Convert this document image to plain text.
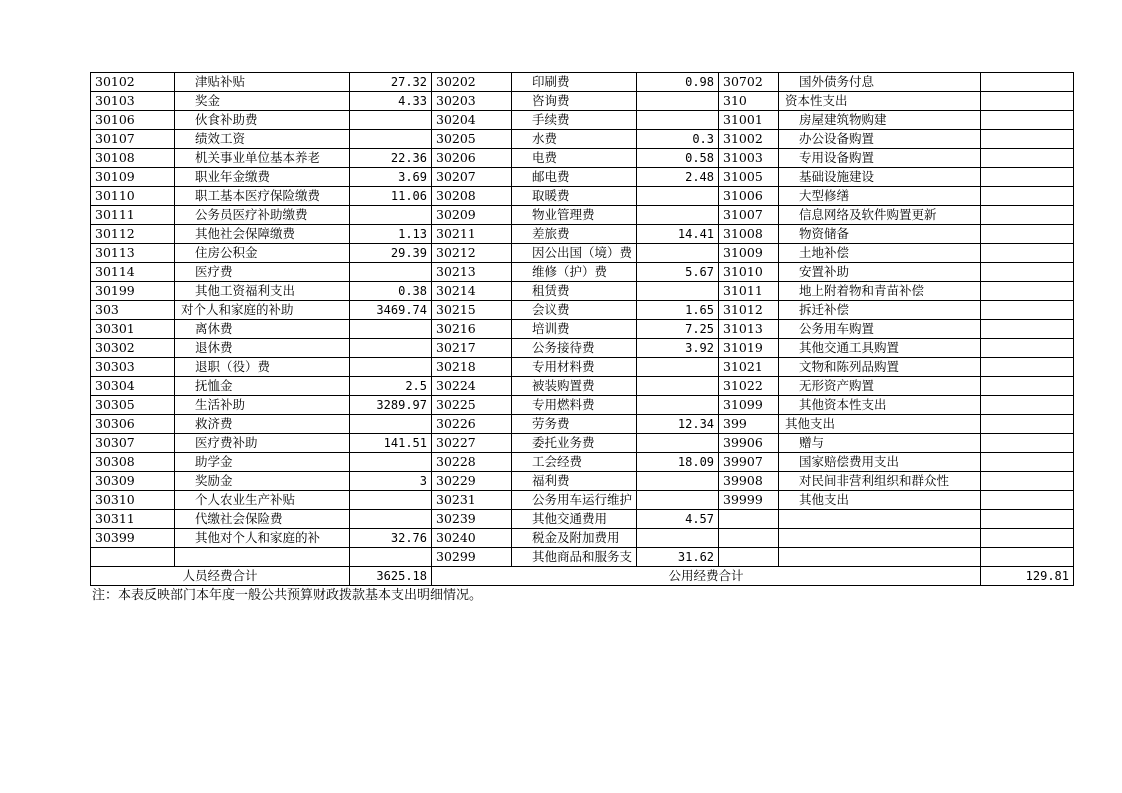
30102	津贴补贴	27.32	30202	印刷费	0.98	30702	国外债务付息	
30103	奖金	4.33	30203	咨询费		310	资本性支出	
30106	伙食补助费		30204	手续费		31001	房屋建筑物购建	
30107	绩效工资		30205	水费	0.3	31002	办公设备购置	
30108	机关事业单位基本养老	22.36	30206	电费	0.58	31003	专用设备购置	
30109	职业年金缴费	3.69	30207	邮电费	2.48	31005	基础设施建设	
30110	职工基本医疗保险缴费	11.06	30208	取暖费		31006	大型修缮	
30111	公务员医疗补助缴费		30209	物业管理费		31007	信息网络及软件购置更新	
30112	其他社会保障缴费	1.13	30211	差旅费	14.41	31008	物资储备	
30113	住房公积金	29.39	30212	因公出国（境）费		31009	土地补偿	
30114	医疗费		30213	维修（护）费	5.67	31010	安置补助	
30199	其他工资福利支出	0.38	30214	租赁费		31011	地上附着物和青苗补偿	
303	对个人和家庭的补助	3469.74	30215	会议费	1.65	31012	拆迁补偿	
30301	离休费		30216	培训费	7.25	31013	公务用车购置	
30302	退休费		30217	公务接待费	3.92	31019	其他交通工具购置	
30303	退职（役）费		30218	专用材料费		31021	文物和陈列品购置	
30304	抚恤金	2.5	30224	被装购置费		31022	无形资产购置	
30305	生活补助	3289.97	30225	专用燃料费		31099	其他资本性支出	
30306	救济费		30226	劳务费	12.34	399	其他支出	
30307	医疗费补助	141.51	30227	委托业务费		39906	赠与	
30308	助学金		30228	工会经费	18.09	39907	国家赔偿费用支出	
30309	奖励金	3	30229	福利费		39908	对民间非营利组织和群众性	
30310	个人农业生产补贴		30231	公务用车运行维护		39999	其他支出	
30311	代缴社会保险费		30239	其他交通费用	4.57			
30399	其他对个人和家庭的补	32.76	30240	税金及附加费用				
			30299	其他商品和服务支	31.62			
人员经费合计		3625.18	公用经费合计					129.81
注：本表反映部门本年度一般公共预算财政拨款基本支出明细情况。
